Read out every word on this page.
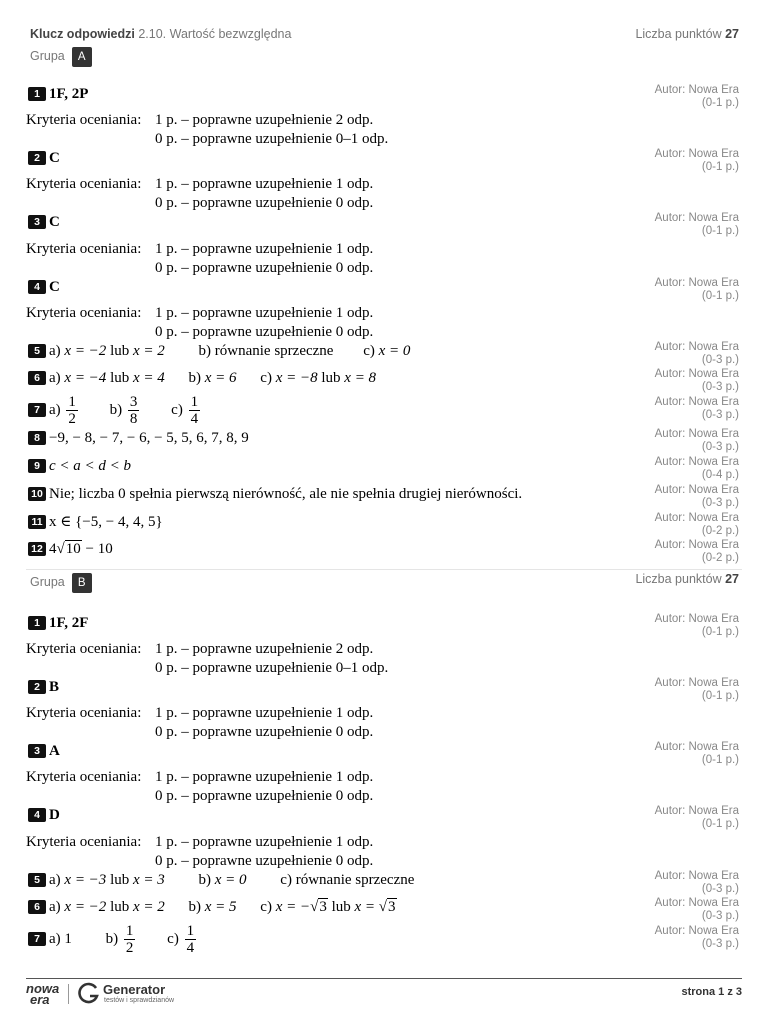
Klucz odpowiedzi 2.10. Wartość bezwzględna	Liczba punktów 27
Grupa A
1 1F, 2P	Autor: Nowa Era
(0-1 p.)
Kryteria oceniania: 1 p. – poprawne uzupełnienie 2 odp.
0 p. – poprawne uzupełnienie 0–1 odp.
2 C	Autor: Nowa Era
(0-1 p.)
Kryteria oceniania: 1 p. – poprawne uzupełnienie 1 odp.
0 p. – poprawne uzupełnienie 0 odp.
3 C	Autor: Nowa Era
(0-1 p.)
Kryteria oceniania: 1 p. – poprawne uzupełnienie 1 odp.
0 p. – poprawne uzupełnienie 0 odp.
4 C	Autor: Nowa Era
(0-1 p.)
Kryteria oceniania: 1 p. – poprawne uzupełnienie 1 odp.
0 p. – poprawne uzupełnienie 0 odp.
5 a) x = −2 lub x = 2 b) równanie sprzeczne c) x = 0	Autor: Nowa Era
(0-3 p.)
6 a) x = −4 lub x = 4 b) x = 6 c) x = −8 lub x = 8	Autor: Nowa Era
(0-3 p.)
7 $a) \frac{1}{2} b) \frac{3}{8} c) \frac{1}{4}$	Autor: Nowa Era
(0-3 p.)
8 −9, − 8, − 7, − 6, − 5, 5, 6, 7, 8, 9	Autor: Nowa Era
(0-3 p.)
9 c < a < d < b	Autor: Nowa Era
(0-4 p.)
10 Nie; liczba 0 spełnia pierwszą nierówność, ale nie spełnia drugiej nierówności.	Autor: Nowa Era
(0-3 p.)
11 x ∈ {−5, − 4, 4, 5}	Autor: Nowa Era
(0-2 p.)
12 4√10 − 10	Autor: Nowa Era
(0-2 p.)
Grupa B	Liczba punktów 27
1 1F, 2F	Autor: Nowa Era
(0-1 p.)
Kryteria oceniania: 1 p. – poprawne uzupełnienie 2 odp.
0 p. – poprawne uzupełnienie 0–1 odp.
2 B	Autor: Nowa Era
(0-1 p.)
Kryteria oceniania: 1 p. – poprawne uzupełnienie 1 odp.
0 p. – poprawne uzupełnienie 0 odp.
3 A	Autor: Nowa Era
(0-1 p.)
Kryteria oceniania: 1 p. – poprawne uzupełnienie 1 odp.
0 p. – poprawne uzupełnienie 0 odp.
4 D	Autor: Nowa Era
(0-1 p.)
Kryteria oceniania: 1 p. – poprawne uzupełnienie 1 odp.
0 p. – poprawne uzupełnienie 0 odp.
5 a) x = −3 lub x = 3 b) x = 0 c) równanie sprzeczne	Autor: Nowa Era
(0-3 p.)
6 a) x = −2 lub x = 2 b) x = 5 c) x = −√3 lub x = √3	Autor: Nowa Era
(0-3 p.)
7 a) 1 $b) \frac{1}{2} c) \frac{1}{4}$	Autor: Nowa Era
(0-3 p.)
nowa
era
Generator
testów i sprawdzianów
strona 1 z 3
